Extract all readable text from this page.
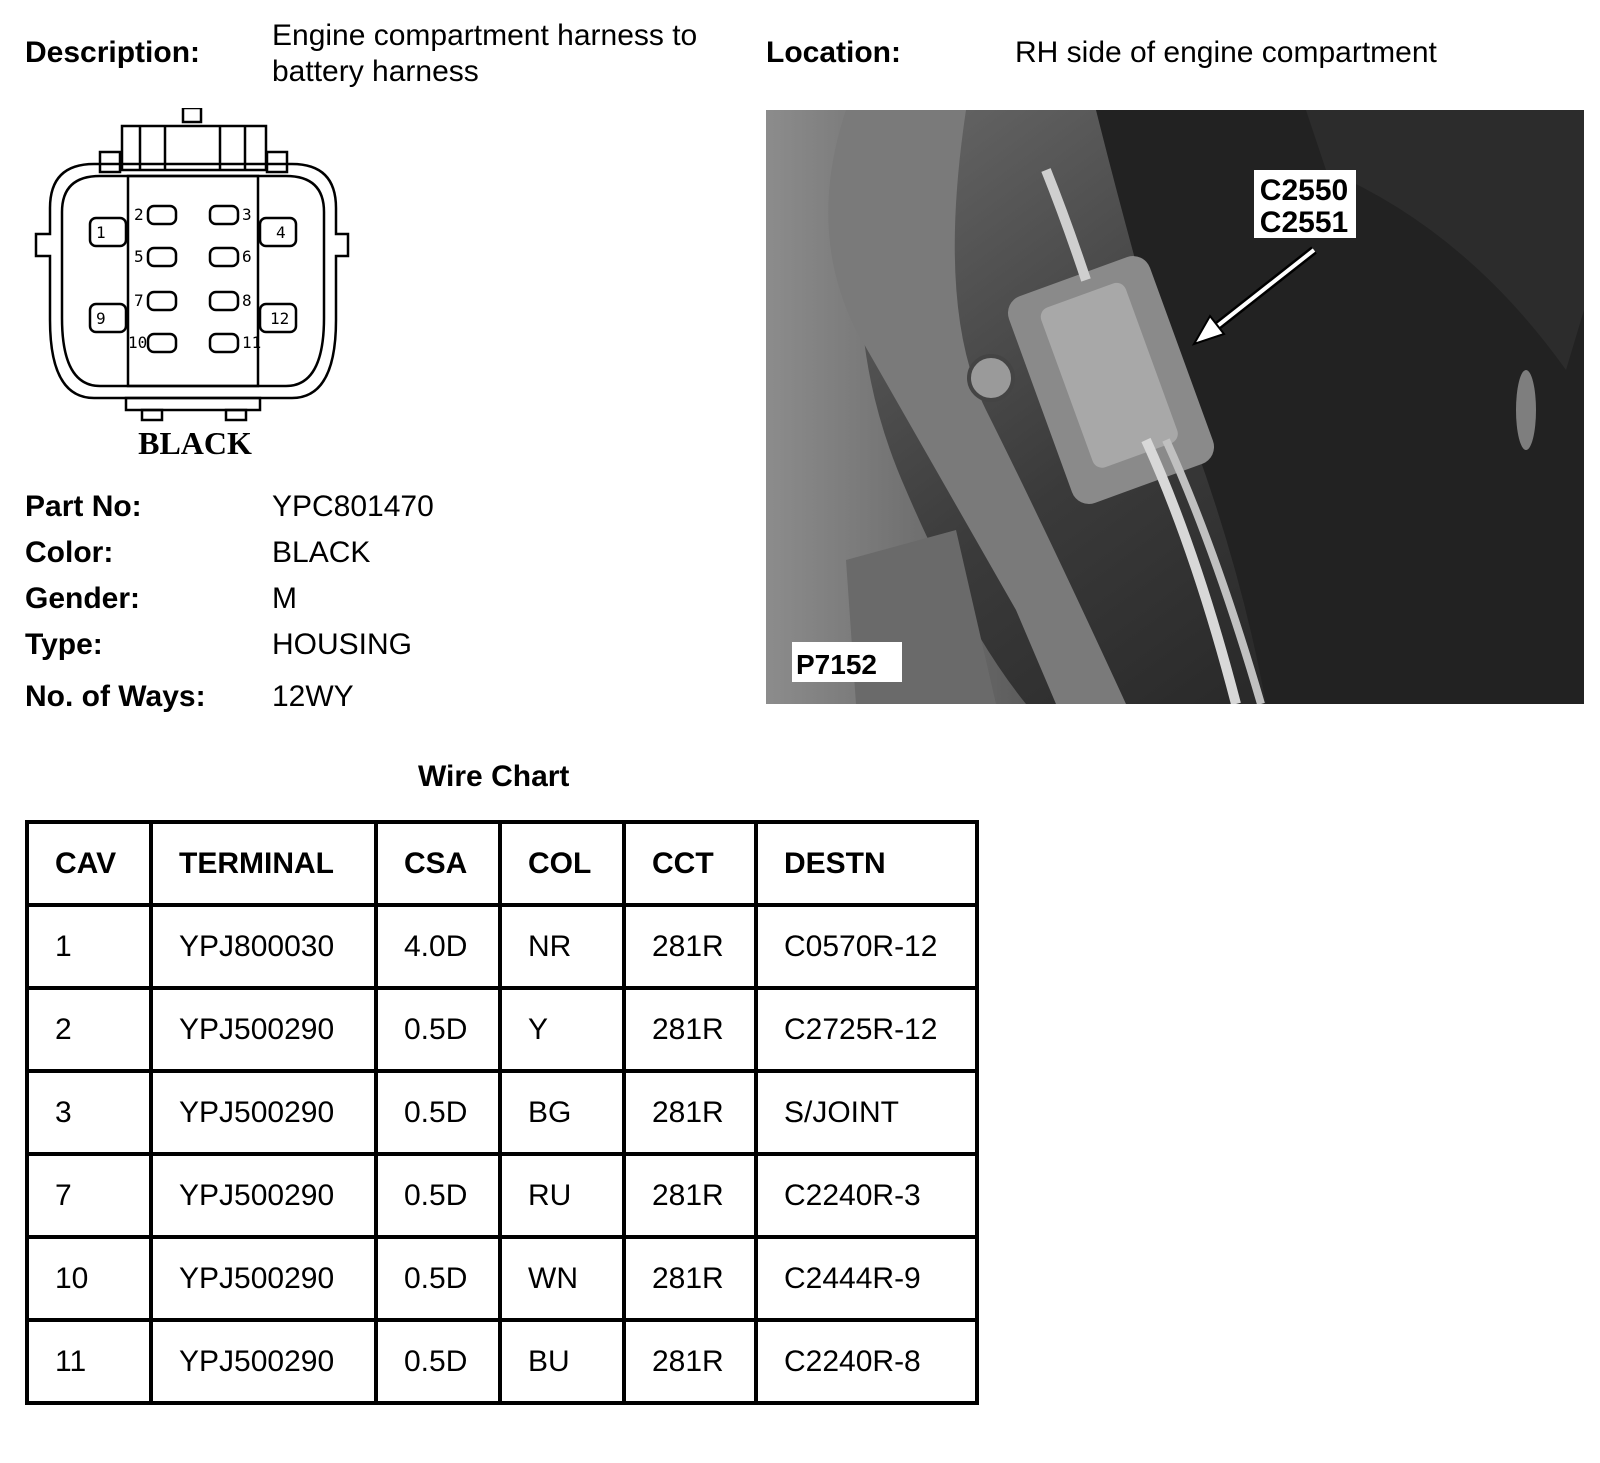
Description:
Engine compartment harness to battery harness
Location:	RH side of engine compartment
1
2	3
4
5	6
7	8
9
10	11
12
BLACK
Part No:	YPC801470
Color:	BLACK
Gender:	M
Type:	HOUSING
No. of Ways: 12WY
C2550
C2551
P7152
Wire Chart
CAV	TERMINAL	CSA	COL	CCT	DESTN
1	YPJ800030	4.0D	NR	281R	C0570R-12
2	YPJ500290	0.5D	Y	281R	C2725R-12
3	YPJ500290	0.5D	BG	281R	S/JOINT
7	YPJ500290	0.5D	RU	281R	C2240R-3
10	YPJ500290	0.5D	WN	281R	C2444R-9
11	YPJ500290	0.5D	BU	281R	C2240R-8
